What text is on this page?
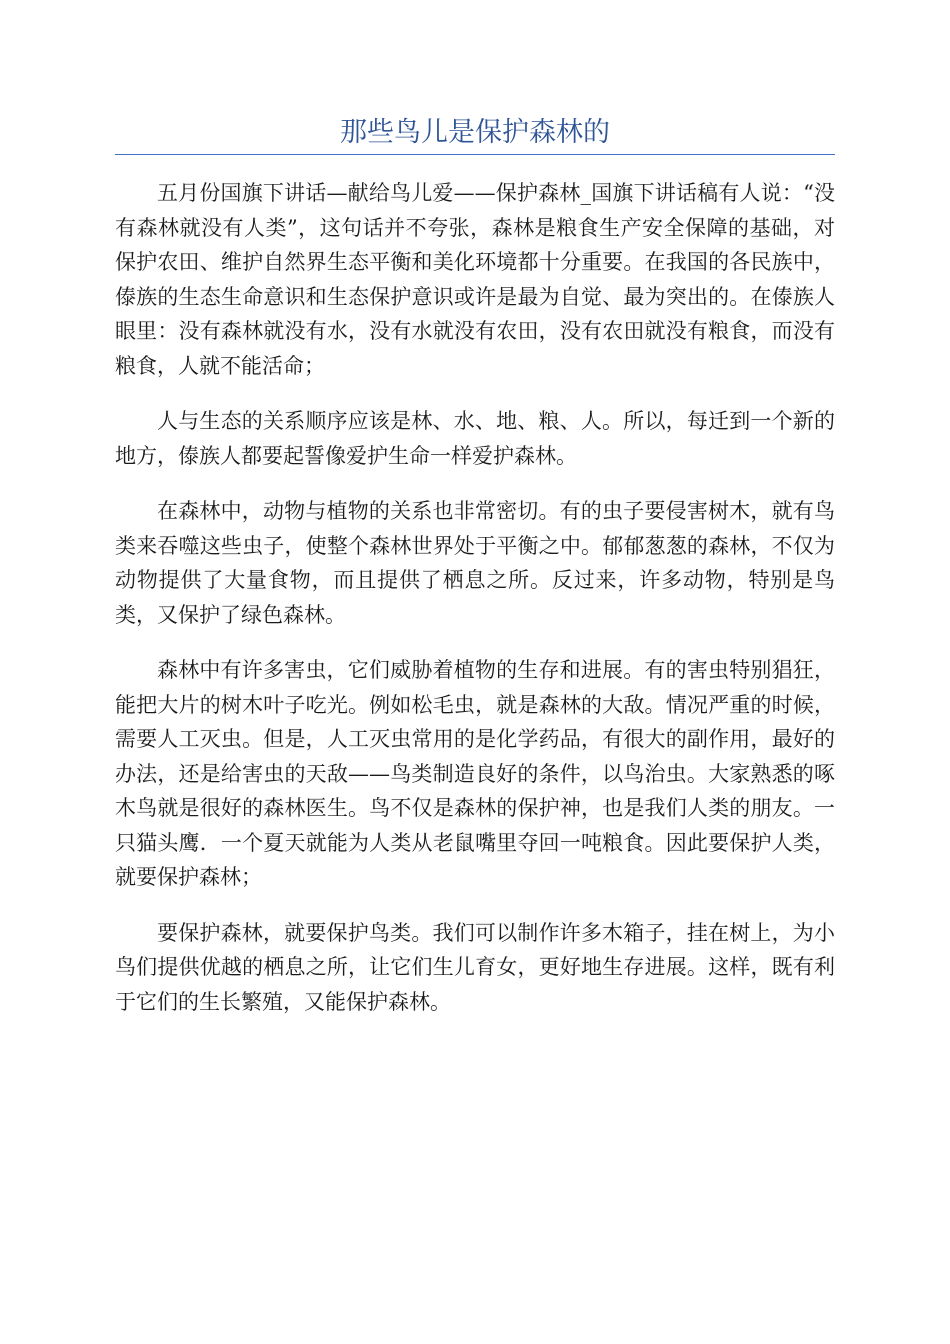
那些鸟儿是保护森林的

五月份国旗下讲话—献给鸟儿爱——保护森林_国旗下讲话稿有人说：“没有森林就没有人类”，这句话并不夸张，森林是粮食生产安全保障的基础，对保护农田、维护自然界生态平衡和美化环境都十分重要。在我国的各民族中，傣族的生态生命意识和生态保护意识或许是最为自觉、最为突出的。在傣族人眼里：没有森林就没有水，没有水就没有农田，没有农田就没有粮食，而没有粮食，人就不能活命；

人与生态的关系顺序应该是林、水、地、粮、人。所以，每迁到一个新的地方，傣族人都要起誓像爱护生命一样爱护森林。

在森林中，动物与植物的关系也非常密切。有的虫子要侵害树木，就有鸟类来吞噬这些虫子，使整个森林世界处于平衡之中。郁郁葱葱的森林，不仅为动物提供了大量食物，而且提供了栖息之所。反过来，许多动物，特别是鸟类，又保护了绿色森林。

森林中有许多害虫，它们威胁着植物的生存和进展。有的害虫特别猖狂，能把大片的树木叶子吃光。例如松毛虫，就是森林的大敌。情况严重的时候，需要人工灭虫。但是，人工灭虫常用的是化学药品，有很大的副作用，最好的办法，还是给害虫的天敌——鸟类制造良好的条件，以鸟治虫。大家熟悉的啄木鸟就是很好的森林医生。鸟不仅是森林的保护神，也是我们人类的朋友。一只猫头鹰．一个夏天就能为人类从老鼠嘴里夺回一吨粮食。因此要保护人类，就要保护森林；

要保护森林，就要保护鸟类。我们可以制作许多木箱子，挂在树上，为小鸟们提供优越的栖息之所，让它们生儿育女，更好地生存进展。这样，既有利于它们的生长繁殖，又能保护森林。
